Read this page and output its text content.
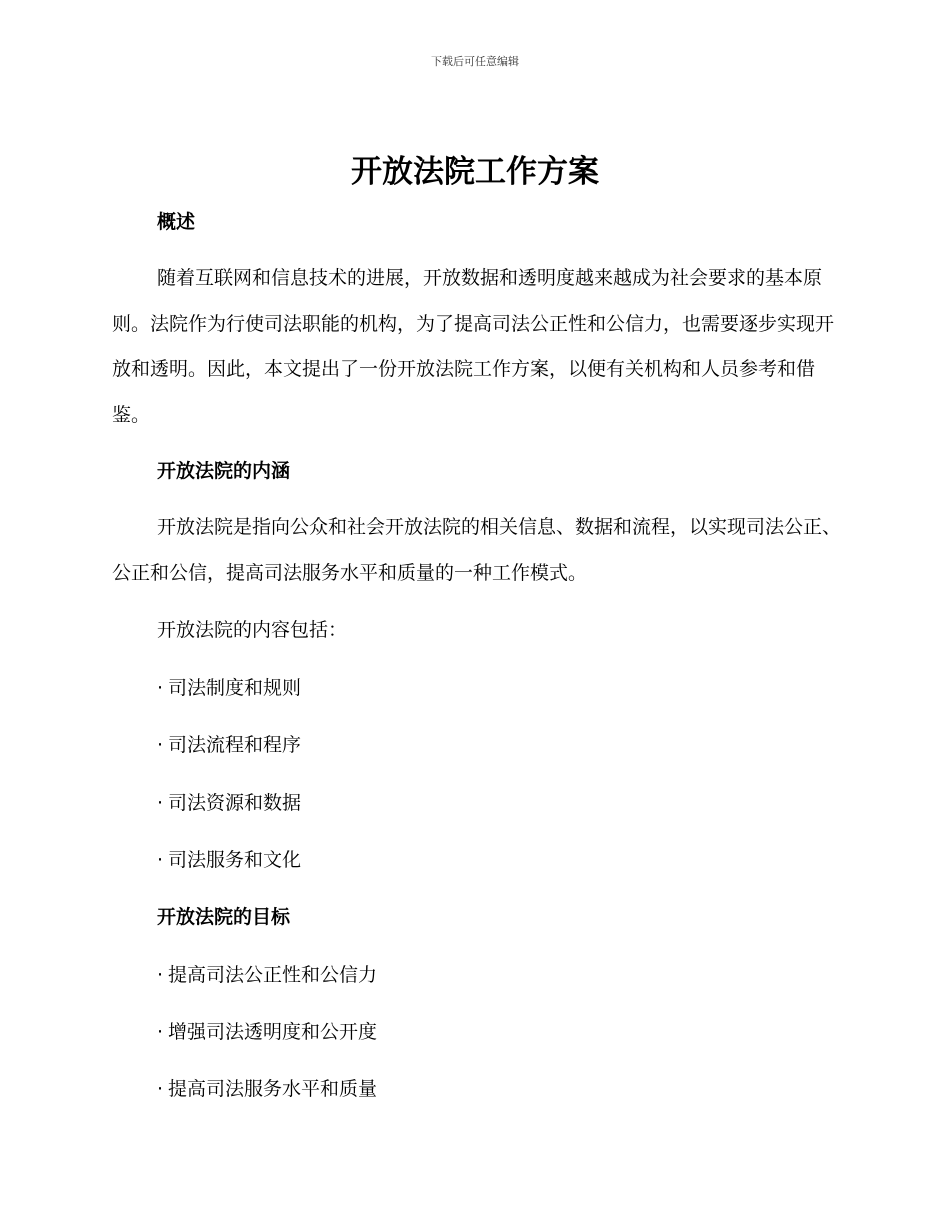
下载后可任意编辑
开放法院工作方案
概述

随着互联网和信息技术的进展，开放数据和透明度越来越成为社会要求的基本原则。法院作为行使司法职能的机构，为了提高司法公正性和公信力，也需要逐步实现开放和透明。因此，本文提出了一份开放法院工作方案，以便有关机构和人员参考和借鉴。

开放法院的内涵

开放法院是指向公众和社会开放法院的相关信息、数据和流程，以实现司法公正、公正和公信，提高司法服务水平和质量的一种工作模式。

开放法院的内容包括：

· 司法制度和规则

· 司法流程和程序

· 司法资源和数据

· 司法服务和文化

开放法院的目标

· 提高司法公正性和公信力

· 增强司法透明度和公开度

· 提高司法服务水平和质量
